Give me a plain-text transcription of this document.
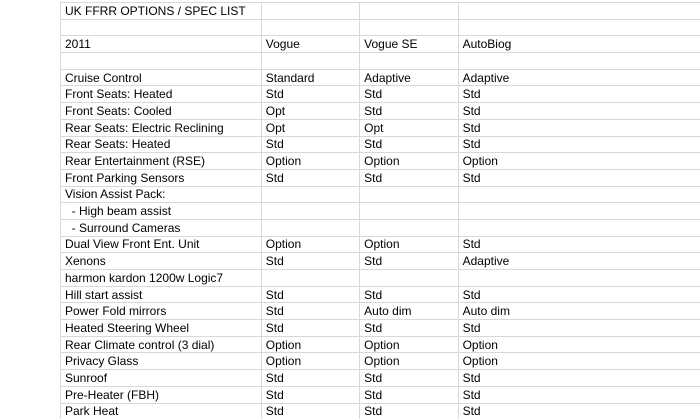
UK FFRR OPTIONS / SPEC LIST			

2011	Vogue	Vogue SE	AutoBiog

Cruise Control	Standard	Adaptive	Adaptive
Front Seats: Heated	Std	Std	Std
Front Seats: Cooled	Opt	Std	Std
Rear Seats: Electric Reclining	Opt	Opt	Std
Rear Seats: Heated	Std	Std	Std
Rear Entertainment (RSE)	Option	Option	Option
Front Parking Sensors	Std	Std	Std
Vision Assist Pack:			
- High beam assist			
- Surround Cameras			
Dual View Front Ent. Unit	Option	Option	Std
Xenons	Std	Std	Adaptive
harmon kardon 1200w Logic7			
Hill start assist	Std	Std	Std
Power Fold mirrors	Std	Auto dim	Auto dim
Heated Steering Wheel	Std	Std	Std
Rear Climate control (3 dial)	Option	Option	Option
Privacy Glass	Option	Option	Option
Sunroof	Std	Std	Std
Pre-Heater (FBH)	Std	Std	Std
Park Heat	Std	Std	Std
